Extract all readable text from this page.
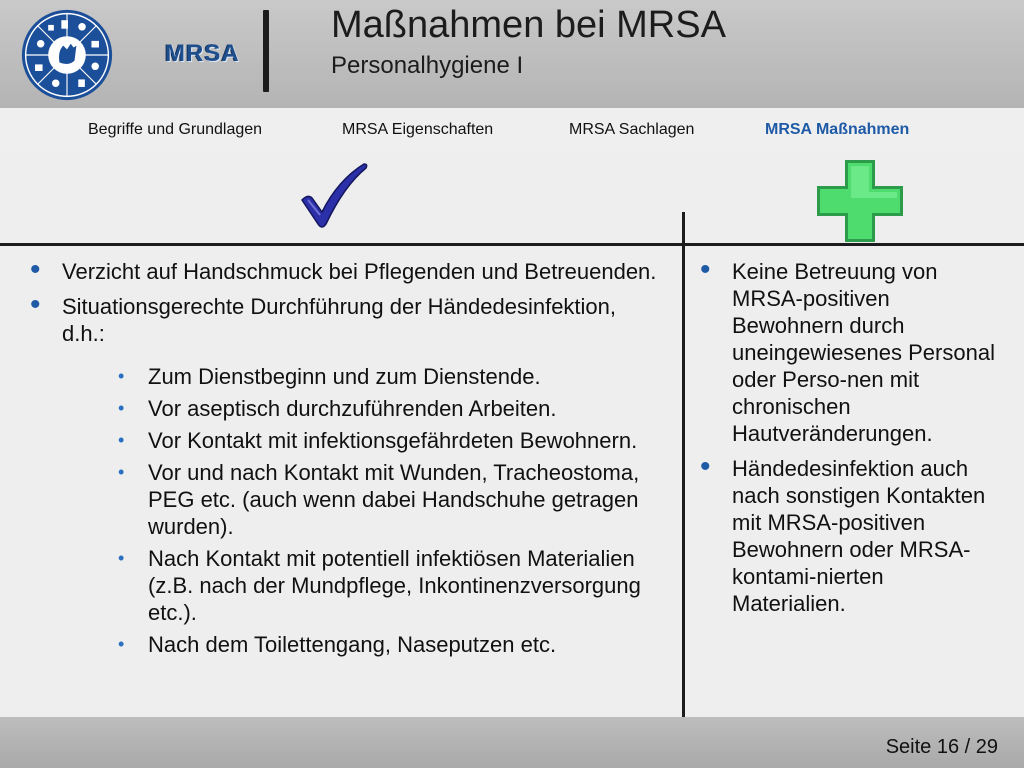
MRSA
Maßnahmen bei MRSA
Personalhygiene I
Begriffe und Grundlagen	MRSA Eigenschaften	MRSA Sachlagen	MRSA Maßnahmen
• Verzicht auf Handschmuck bei Pflegenden und Betreuenden.
• Situationsgerechte Durchführung der Händedesinfektion, d.h.:
• Zum Dienstbeginn und zum Dienstende.
• Vor aseptisch durchzuführenden Arbeiten.
• Vor Kontakt mit infektionsgefährdeten Bewohnern.
• Vor und nach Kontakt mit Wunden, Tracheostoma, PEG etc. (auch wenn dabei Handschuhe getragen wurden).
• Nach Kontakt mit potentiell infektiösen Materialien (z.B. nach der Mundpflege, Inkontinenzversorgung etc.).
• Nach dem Toilettengang, Naseputzen etc.
• Keine Betreuung von MRSA-positiven Bewohnern durch uneingewiesenes Personal oder Perso-nen mit chronischen Hautveränderungen.
• Händedesinfektion auch nach sonstigen Kontakten mit MRSA-positiven Bewohnern oder MRSA-kontami-nierten Materialien.
Seite 16 / 29
